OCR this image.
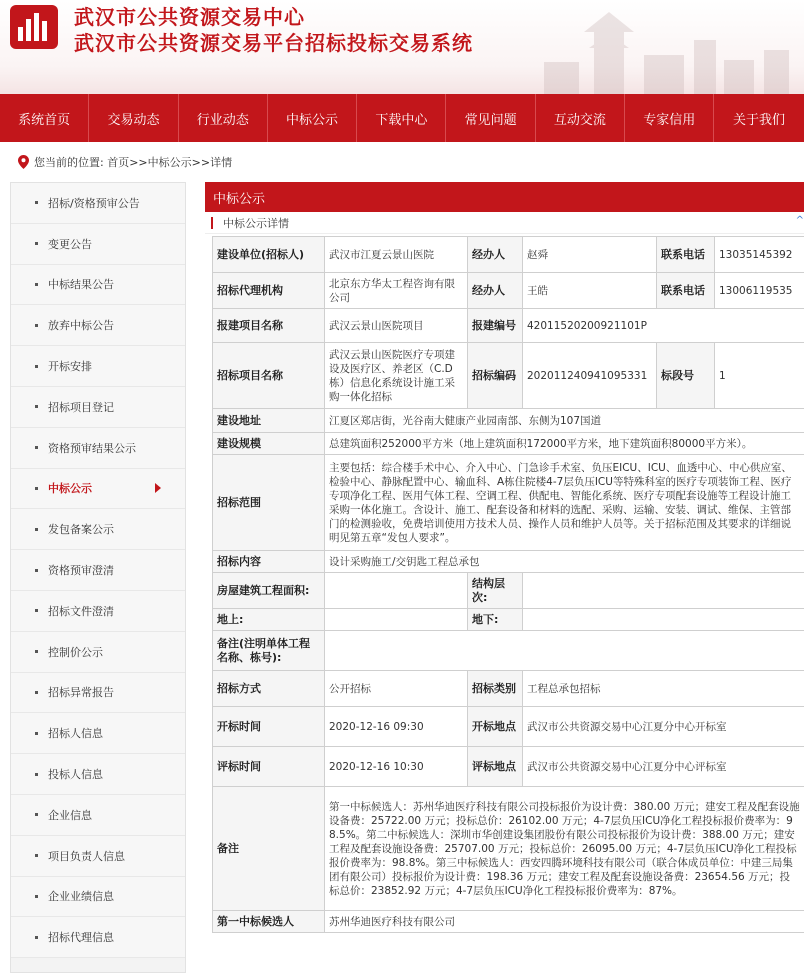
武汉市公共资源交易中心
武汉市公共资源交易平台招标投标交易系统
系统首页	交易动态	行业动态	中标公示	下载中心	常见问题	互动交流	专家信用	关于我们
您当前的位置: 首页>>中标公示>>详情
招标/资格预审公告
变更公告
中标结果公告
放弃中标公告
开标安排
招标项目登记
资格预审结果公示
中标公示
发包备案公示
资格预审澄清
招标文件澄清
控制价公示
招标异常报告
招标人信息
投标人信息
企业信息
项目负责人信息
企业业绩信息
招标代理信息
中标公示
中标公示详情	^
建设单位(招标人)	武汉市江夏云景山医院	经办人	赵舜	联系电话	13035145392
招标代理机构	北京东方华太工程咨询有限公司	经办人	王皓	联系电话	13006119535
报建项目名称	武汉云景山医院项目	报建编号	42011520200921101P		
招标项目名称	武汉云景山医院医疗专项建设及医疗区、养老区（C.D栋）信息化系统设计施工采购一体化招标	招标编码	202011240941095331	标段号	1
建设地址	江夏区郑店街，光谷南大健康产业园南部、东侧为107国道				
建设规模	总建筑面积252000平方米（地上建筑面积172000平方米，地下建筑面积80000平方米）。				
招标范围	主要包括：综合楼手术中心、介入中心、门急诊手术室、负压EICU、ICU、血透中心、中心供应室、检验中心、静脉配置中心、输血科、A栋住院楼4-7层负压ICU等特殊科室的医疗专项装饰工程、医疗专项净化工程、医用气体工程、空调工程、供配电、智能化系统、医疗专项配套设施等工程设计施工采购一体化施工。含设计、施工、配套设备和材料的选配、采购、运输、安装、调试、维保、主管部门的检测验收，免费培训使用方技术人员、操作人员和维护人员等。关于招标范围及其要求的详细说明见第五章“发包人要求”。				
招标内容	设计采购施工/交钥匙工程总承包				
房屋建筑工程面积:		结构层次:			
地上:		地下:			
备注(注明单体工程名称、栋号):					
招标方式	公开招标	招标类别	工程总承包招标		
开标时间	2020-12-16 09:30	开标地点	武汉市公共资源交易中心江夏分中心开标室		
评标时间	2020-12-16 10:30	评标地点	武汉市公共资源交易中心江夏分中心评标室		
备注	第一中标候选人：苏州华迪医疗科技有限公司投标报价为设计费：380.00 万元；建安工程及配套设施设备费：25722.00 万元；投标总价：26102.00 万元；4-7层负压ICU净化工程投标报价费率为：98.5%。第二中标候选人：深圳市华创建设集团股份有限公司投标报价为设计费：388.00 万元；建安工程及配套设施设备费：25707.00 万元；投标总价：26095.00 万元；4-7层负压ICU净化工程投标报价费率为：98.8%。第三中标候选人：西安四腾环境科技有限公司（联合体成员单位：中建三局集团有限公司）投标报价为设计费：198.36 万元；建安工程及配套设施设备费：23654.56 万元；投标总价：23852.92 万元；4-7层负压ICU净化工程投标报价费率为：87%。				
第一中标候选人	苏州华迪医疗科技有限公司				
